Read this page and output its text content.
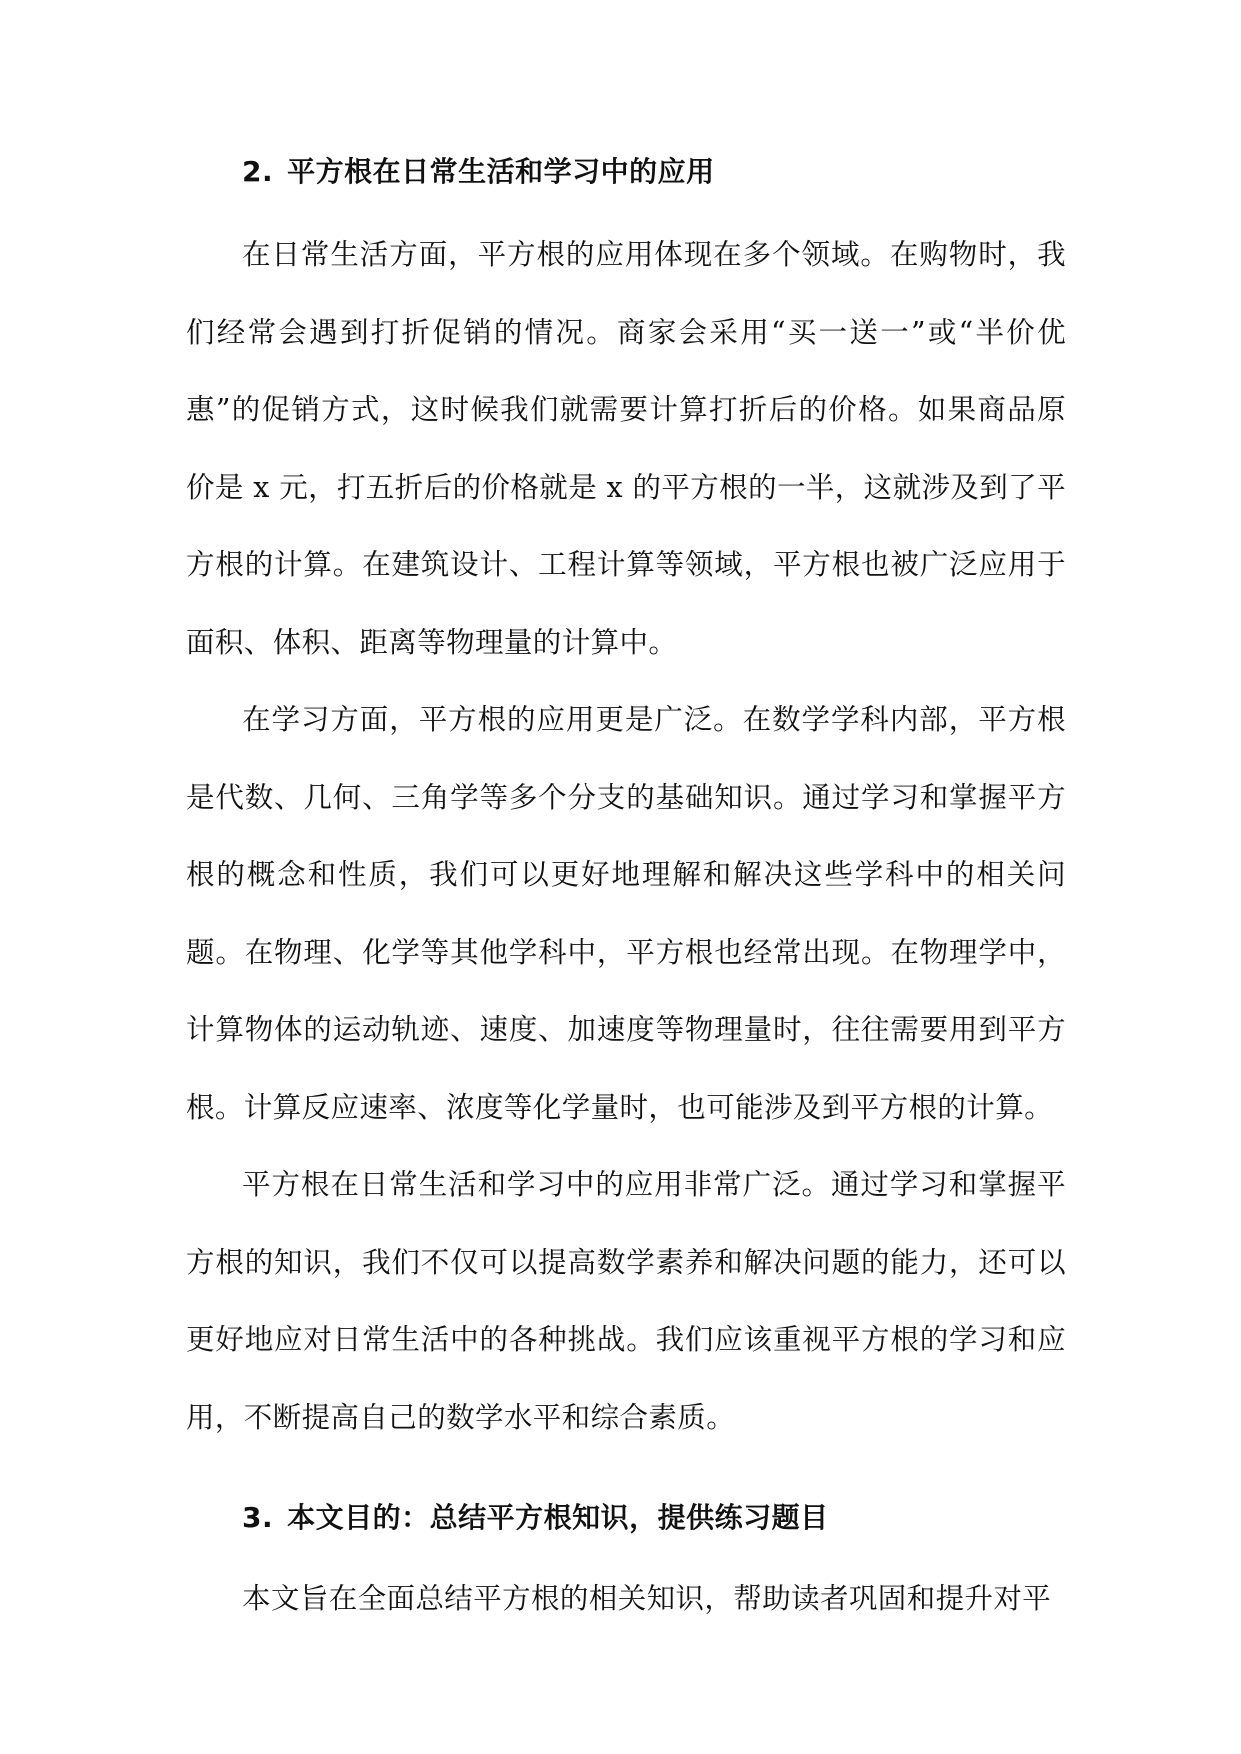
2. 平方根在日常生活和学习中的应用

在日常生活方面，平方根的应用体现在多个领域。在购物时，我们经常会遇到打折促销的情况。商家会采用“买一送一”或“半价优惠”的促销方式，这时候我们就需要计算打折后的价格。如果商品原价是 x 元，打五折后的价格就是 x 的平方根的一半，这就涉及到了平方根的计算。在建筑设计、工程计算等领域，平方根也被广泛应用于面积、体积、距离等物理量的计算中。

在学习方面，平方根的应用更是广泛。在数学学科内部，平方根是代数、几何、三角学等多个分支的基础知识。通过学习和掌握平方根的概念和性质，我们可以更好地理解和解决这些学科中的相关问题。在物理、化学等其他学科中，平方根也经常出现。在物理学中，计算物体的运动轨迹、速度、加速度等物理量时，往往需要用到平方根。计算反应速率、浓度等化学量时，也可能涉及到平方根的计算。

平方根在日常生活和学习中的应用非常广泛。通过学习和掌握平方根的知识，我们不仅可以提高数学素养和解决问题的能力，还可以更好地应对日常生活中的各种挑战。我们应该重视平方根的学习和应用，不断提高自己的数学水平和综合素质。

3. 本文目的：总结平方根知识，提供练习题目

本文旨在全面总结平方根的相关知识，帮助读者巩固和提升对平
